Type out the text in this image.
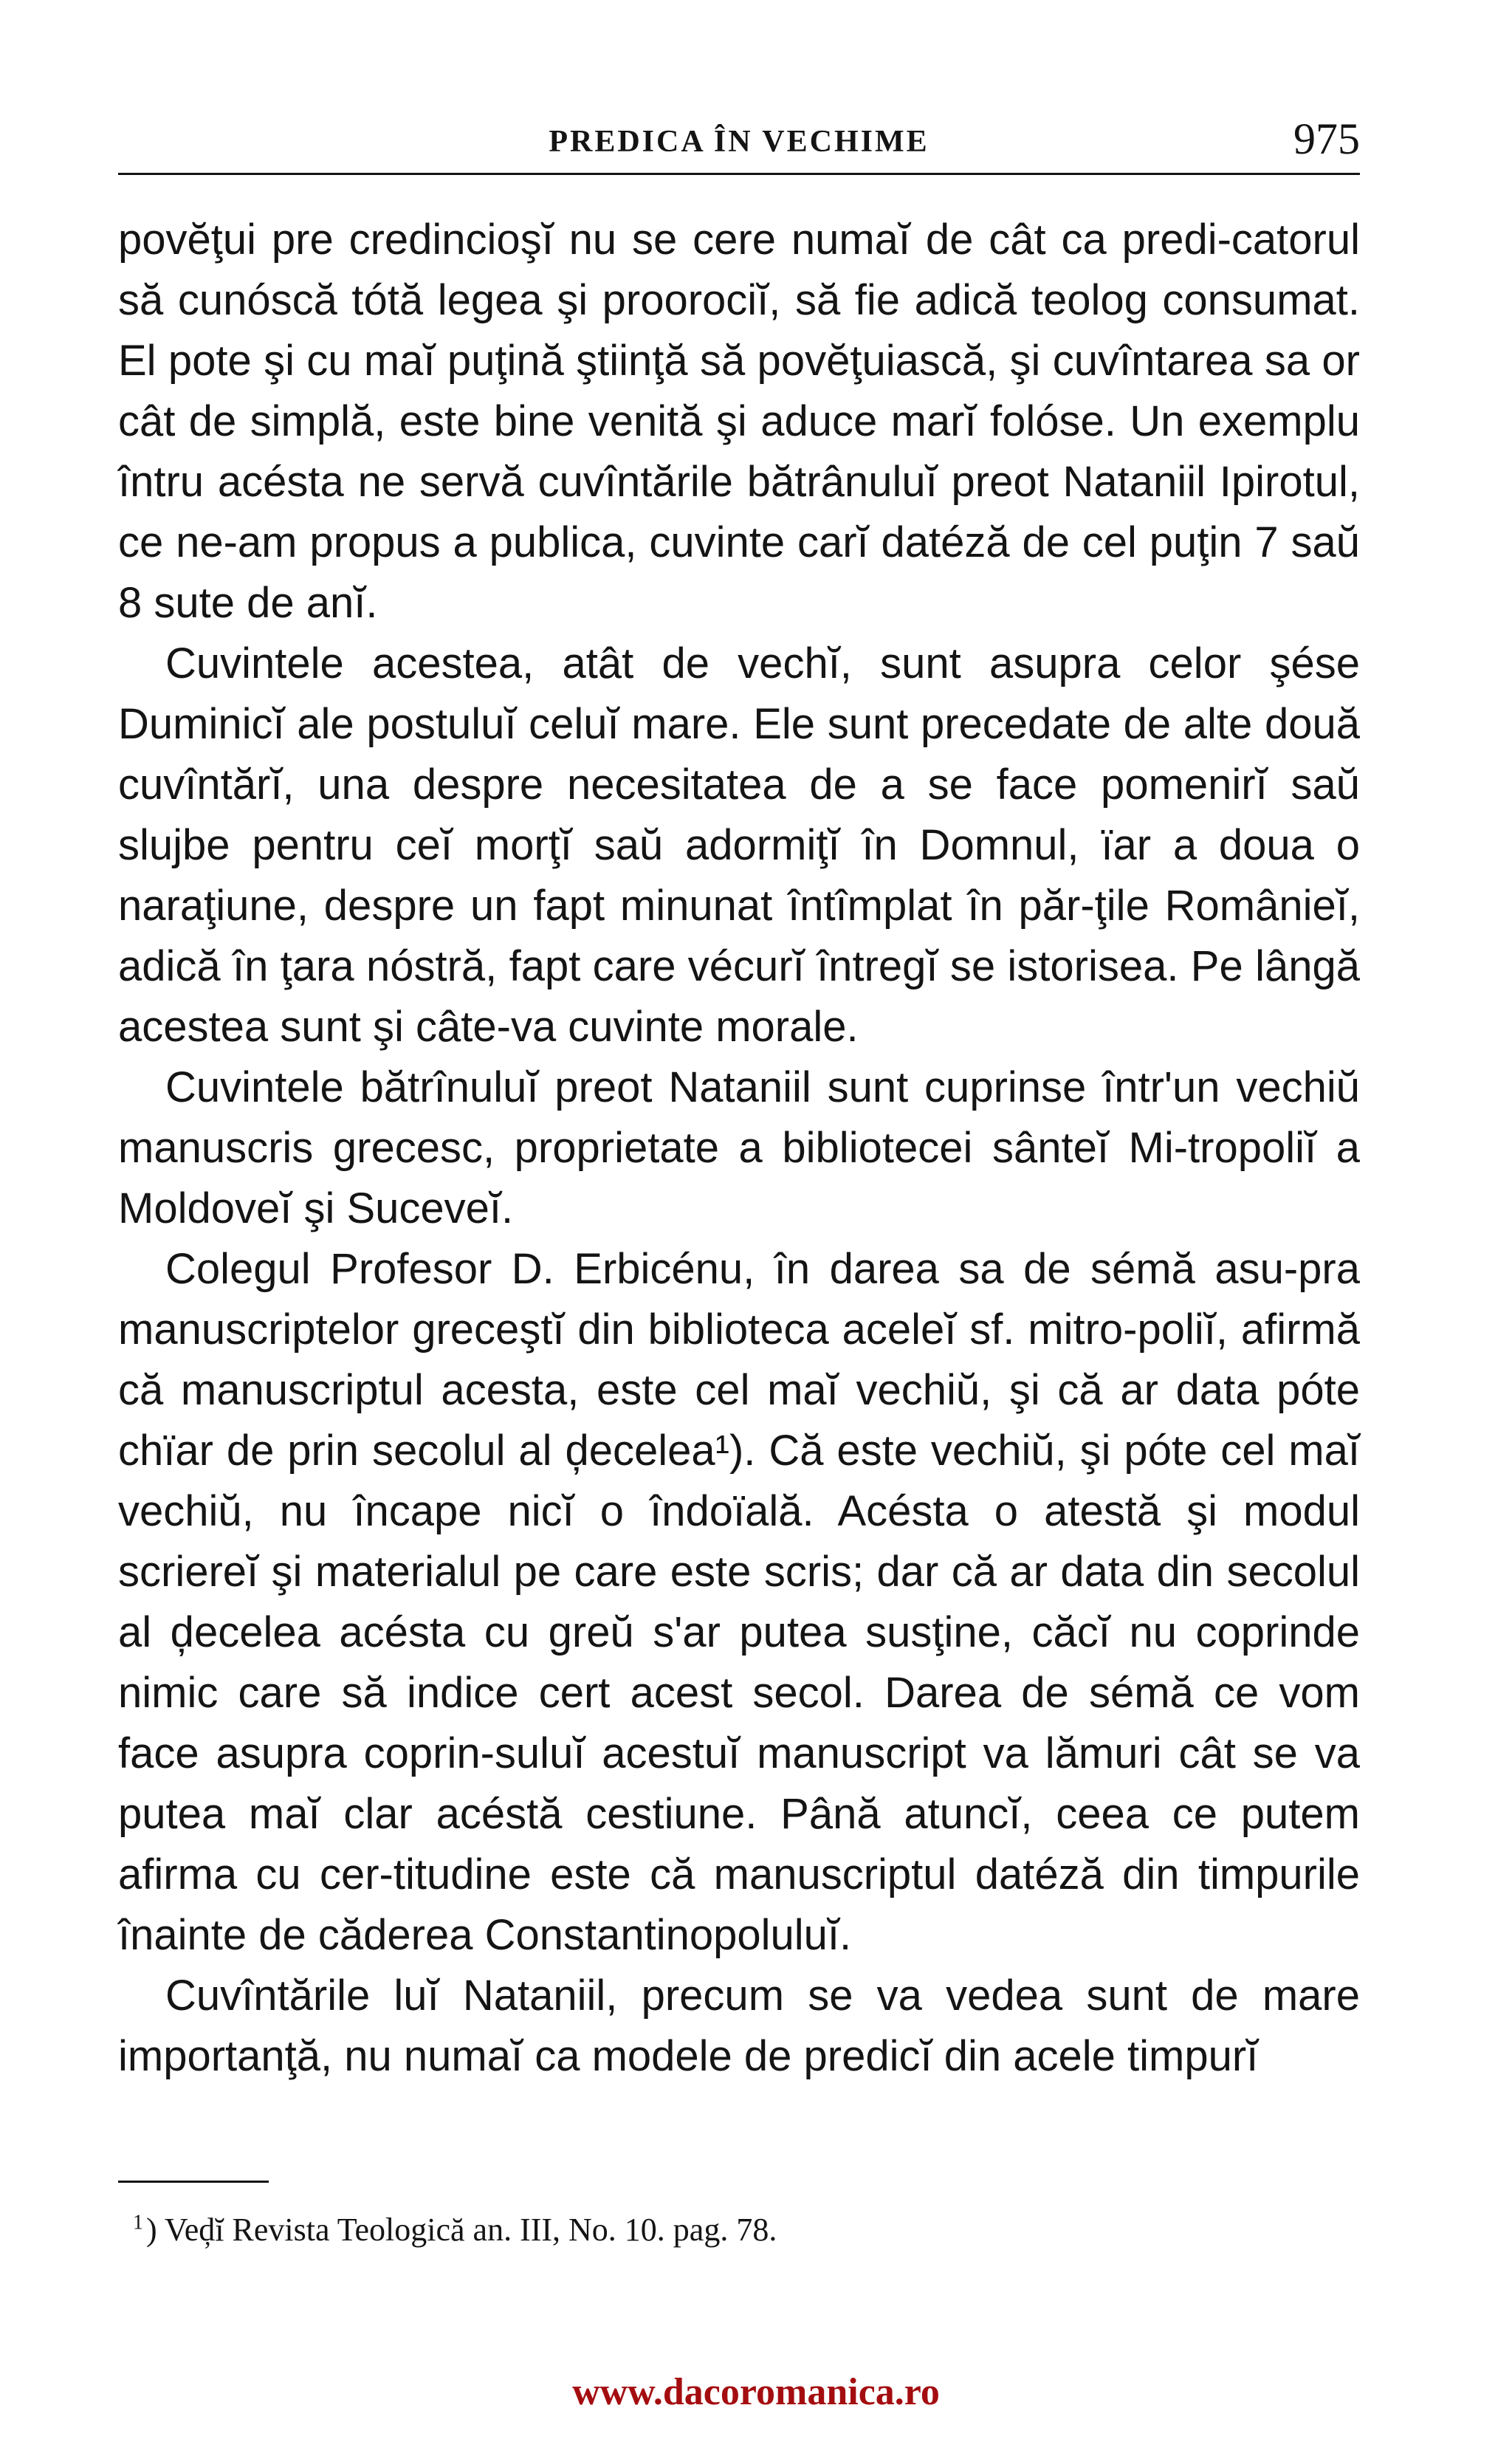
PREDICA ÎN VECHIME	975

povĕţui pre credincioşĭ nu se cere numaĭ de cât ca predi-catorul să cunóscă tótă legea şi proorociĭ, să fie adică teolog consumat. El pote şi cu maĭ puţină ştiinţă să povĕţuiască, şi cuvîntarea sa or cât de simplă, este bine venită şi aduce marĭ folóse. Un exemplu întru acésta ne servă cuvîntările bătrânuluĭ preot Nataniil Ipirotul, ce ne-am propus a publica, cuvinte carĭ datéză de cel puţin 7 saŭ 8 sute de anĭ.

Cuvintele acestea, atât de vechĭ, sunt asupra celor şése Duminicĭ ale postuluĭ celuĭ mare. Ele sunt precedate de alte două cuvîntărĭ, una despre necesitatea de a se face pomenirĭ saŭ slujbe pentru ceĭ morţĭ saŭ adormiţĭ în Domnul, ïar a doua o naraţiune, despre un fapt minunat întîmplat în păr-ţile Românieĭ, adică în ţara nóstră, fapt care vécurĭ întregĭ se istorisea. Pe lângă acestea sunt şi câte-va cuvinte morale.

Cuvintele bătrînuluĭ preot Nataniil sunt cuprinse într'un vechiŭ manuscris grecesc, proprietate a bibliotecei sânteĭ Mi-tropoliĭ a Moldoveĭ şi Suceveĭ.

Colegul Profesor D. Erbicénu, în darea sa de sémă asu-pra manuscriptelor greceştĭ din biblioteca aceleĭ sf. mitro-poliĭ, afirmă că manuscriptul acesta, este cel maĭ vechiŭ, şi că ar data póte chïar de prin secolul al ḑecelea¹). Că este vechiŭ, şi póte cel maĭ vechiŭ, nu încape nicĭ o îndoïală. Acésta o atestă şi modul scriereĭ şi materialul pe care este scris; dar că ar data din secolul al ḑecelea acésta cu greŭ s'ar putea susţine, căcĭ nu coprinde nimic care să indice cert acest secol. Darea de sémă ce vom face asupra coprin-suluĭ acestuĭ manuscript va lămuri cât se va putea maĭ clar acéstă cestiune. Până atuncĭ, ceea ce putem afirma cu cer-titudine este că manuscriptul datéză din timpurile înainte de căderea Constantinopoluluĭ.

Cuvîntările luĭ Nataniil, precum se va vedea sunt de mare importanţă, nu numaĭ ca modele de predicĭ din acele timpurĭ

$^1$) Veḑĭ Revista Teologică an. III, No. 10. pag. 78.
www.dacoromanica.ro
